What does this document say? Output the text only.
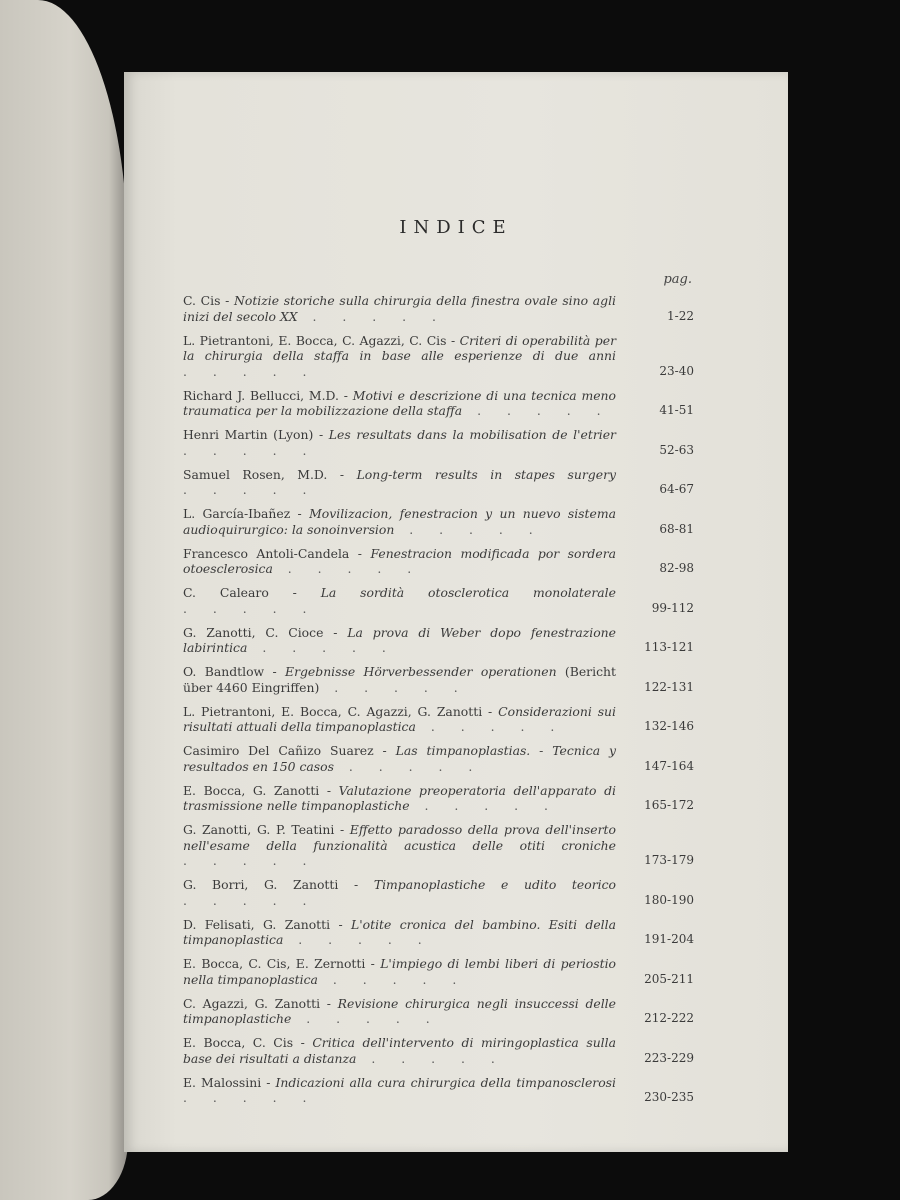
INDICE
pag.
C. Cis - Notizie storiche sulla chirurgia della finestra ovale sino agli inizi del secolo XX . . . . .	1-22
L. Pietrantoni, E. Bocca, C. Agazzi, C. Cis - Criteri di operabilità per la chirurgia della staffa in base alle esperienze di due anni . . . . .	23-40
Richard J. Bellucci, M.D. - Motivi e descrizione di una tecnica meno traumatica per la mobilizzazione della staffa . . . . .	41-51
Henri Martin (Lyon) - Les resultats dans la mobilisation de l'etrier . . . . .	52-63
Samuel Rosen, M.D. - Long-term results in stapes surgery . . . . .	64-67
L. García-Ibañez - Movilizacion, fenestracion y un nuevo sistema audioquirurgico: la sonoinversion . . . . .	68-81
Francesco Antoli-Candela - Fenestracion modificada por sordera otoesclerosica . . . . .	82-98
C. Calearo - La sordità otosclerotica monolaterale . . . . .	99-112
G. Zanotti, C. Cioce - La prova di Weber dopo fenestrazione labirintica . . . . .	113-121
O. Bandtlow - Ergebnisse Hörverbessender operationen (Bericht über 4460 Eingriffen) . . . . .	122-131
L. Pietrantoni, E. Bocca, C. Agazzi, G. Zanotti - Considerazioni sui risultati attuali della timpanoplastica . . . . .	132-146
Casimiro Del Cañizo Suarez - Las timpanoplastias. - Tecnica y resultados en 150 casos . . . . .	147-164
E. Bocca, G. Zanotti - Valutazione preoperatoria dell'apparato di trasmissione nelle timpanoplastiche . . . . .	165-172
G. Zanotti, G. P. Teatini - Effetto paradosso della prova dell'inserto nell'esame della funzionalità acustica delle otiti croniche . . . . .	173-179
G. Borri, G. Zanotti - Timpanoplastiche e udito teorico . . . . .	180-190
D. Felisati, G. Zanotti - L'otite cronica del bambino. Esiti della timpanoplastica . . . . .	191-204
E. Bocca, C. Cis, E. Zernotti - L'impiego di lembi liberi di periostio nella timpanoplastica . . . . .	205-211
C. Agazzi, G. Zanotti - Revisione chirurgica negli insuccessi delle timpanoplastiche . . . . .	212-222
E. Bocca, C. Cis - Critica dell'intervento di miringoplastica sulla base dei risultati a distanza . . . . .	223-229
E. Malossini - Indicazioni alla cura chirurgica della timpanosclerosi . . . . .	230-235
